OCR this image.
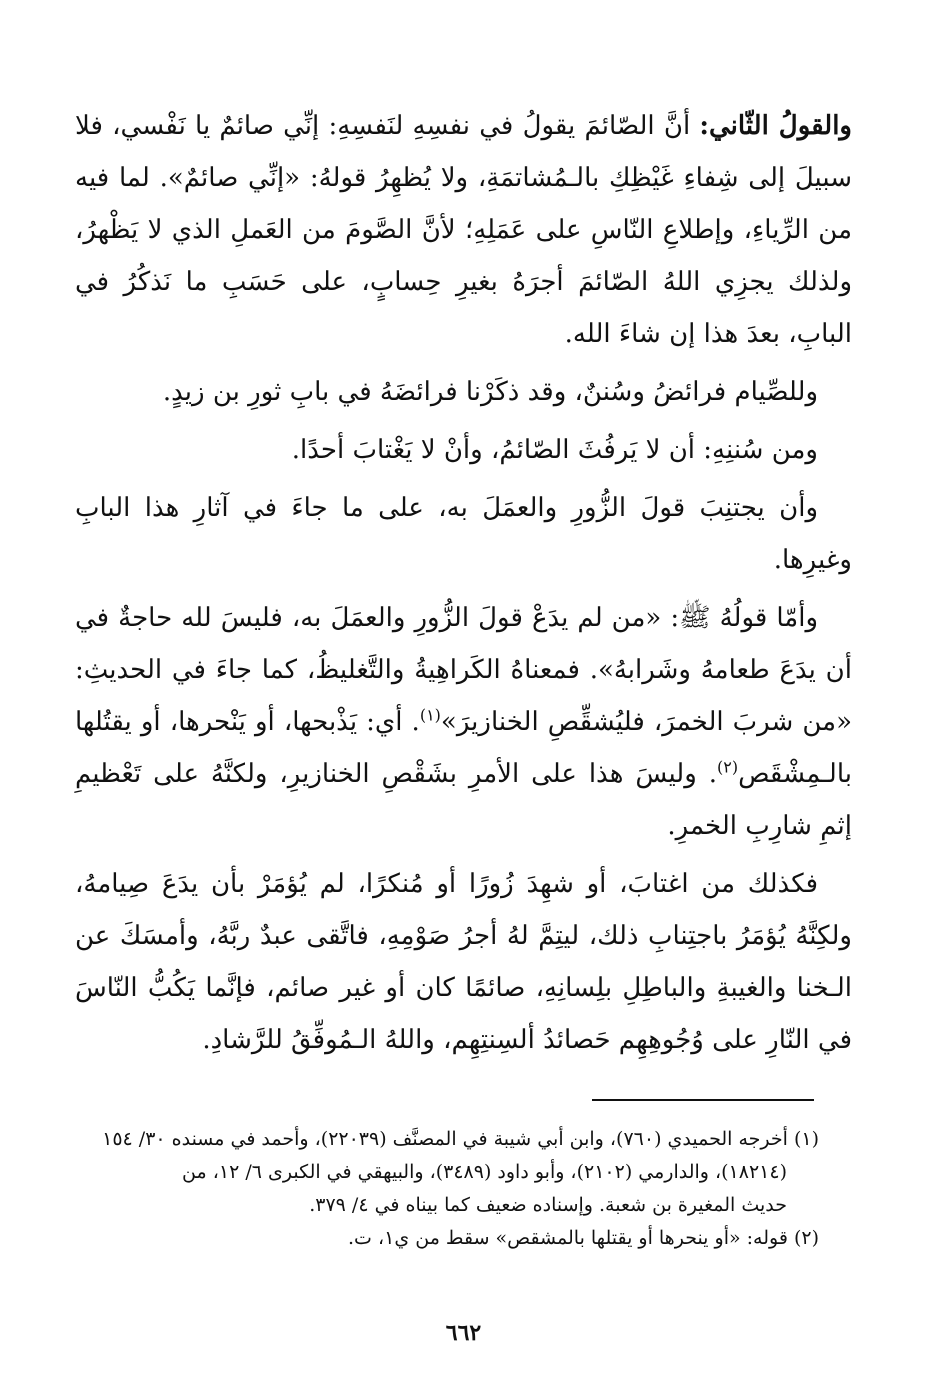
والقولُ الثّاني: أنَّ الصّائمَ يقولُ في نفسِهِ لنَفسِهِ: إنِّي صائمٌ يا نَفْسي، فلا سبيلَ إلى شِفاءِ غَيْظِكِ بالـمُشاتمَةِ، ولا يُظهِرُ قولهُ: «إنِّي صائمٌ». لما فيه من الرِّياءِ، وإطلاعِ النّاسِ على عَمَلِهِ؛ لأنَّ الصَّومَ من العَملِ الذي لا يَظْهرُ، ولذلك يجزِي اللهُ الصّائمَ أجرَهُ بغيرِ حِسابٍ، على حَسَبِ ما نَذكُرُ في البابِ، بعدَ هذا إن شاءَ الله.

وللصِّيام فرائضُ وسُننٌ، وقد ذكَرْنا فرائضَهُ في بابِ ثورِ بن زيدٍ.

ومن سُننِهِ: أن لا يَرفُثَ الصّائمُ، وأنْ لا يَغْتابَ أحدًا.

وأن يجتنِبَ قولَ الزُّورِ والعمَلَ به، على ما جاءَ في آثارِ هذا البابِ وغيرِها.

وأمّا قولُهُ ﷺ: «من لم يدَعْ قولَ الزُّورِ والعمَلَ به، فليسَ لله حاجةٌ في أن يدَعَ طعامهُ وشَرابهُ». فمعناهُ الكَراهِيةُ والتَّغليظُ، كما جاءَ في الحديثِ: «من شربَ الخمرَ، فليُشقِّصِ الخنازيرَ»$^{(١)}$. أي: يَذْبحها، أو يَنْحرها، أو يقتُلها بالـمِشْقَص$^{(٢)}$. وليسَ هذا على الأمرِ بشَقْصِ الخنازيرِ، ولكنَّهُ على تَعْظيمِ إثمِ شارِبِ الخمرِ.

فكذلك من اغتابَ، أو شهِدَ زُورًا أو مُنكرًا، لم يُؤمَرْ بأن يدَعَ صِيامهُ، ولكِنَّهُ يُؤمَرُ باجتِنابِ ذلك، ليتِمَّ لهُ أجرُ صَوْمِهِ، فاتَّقى عبدٌ ربَّهُ، وأمسَكَ عن الـخنا والغيبةِ والباطِلِ بلِسانِهِ، صائمًا كان أو غير صائم، فإنَّما يَكُبُّ النّاسَ في النّارِ على وُجُوهِهِم حَصائدُ ألسِنتِهِم، واللهُ الـمُوفِّقُ للرَّشادِ.

(١) أخرجه الحميدي (٧٦٠)، وابن أبي شيبة في المصنَّف (٢٢٠٣٩)، وأحمد في مسنده ٣٠/ ١٥٤

(١٨٢١٤)، والدارمي (٢١٠٢)، وأبو داود (٣٤٨٩)، والبيهقي في الكبرى ٦/ ١٢، من

حديث المغيرة بن شعبة. وإسناده ضعيف كما بيناه في ٤/ ٣٧٩.

(٢) قوله: «أو ينحرها أو يقتلها بالمشقص» سقط من ي١، ت.

٦٦٢
